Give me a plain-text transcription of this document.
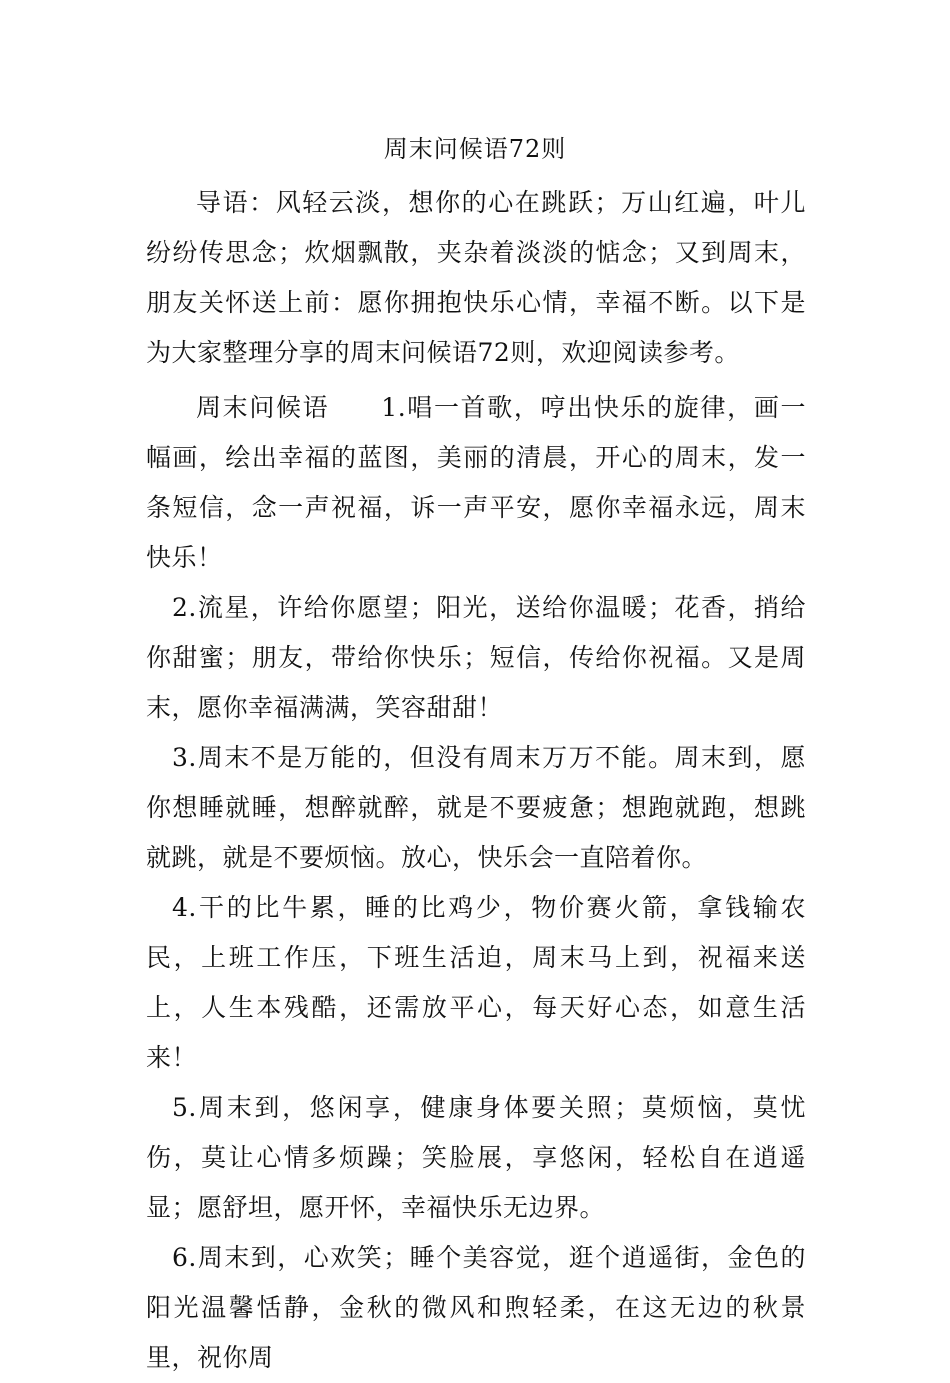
周末问候语72则

导语：风轻云淡，想你的心在跳跃；万山红遍，叶儿纷纷传思念；炊烟飘散，夹杂着淡淡的惦念；又到周末，朋友关怀送上前：愿你拥抱快乐心情，幸福不断。以下是为大家整理分享的周末问候语72则，欢迎阅读参考。

周末问候语 1.唱一首歌，哼出快乐的旋律，画一幅画，绘出幸福的蓝图，美丽的清晨，开心的周末，发一条短信，念一声祝福，诉一声平安，愿你幸福永远，周末快乐！

2.流星，许给你愿望；阳光，送给你温暖；花香，捎给你甜蜜；朋友，带给你快乐；短信，传给你祝福。又是周末，愿你幸福满满，笑容甜甜！

3.周末不是万能的，但没有周末万万不能。周末到，愿你想睡就睡，想醉就醉，就是不要疲惫；想跑就跑，想跳就跳，就是不要烦恼。放心，快乐会一直陪着你。

4.干的比牛累，睡的比鸡少，物价赛火箭，拿钱输农民，上班工作压，下班生活迫，周末马上到，祝福来送上，人生本残酷，还需放平心，每天好心态，如意生活来！

5.周末到，悠闲享，健康身体要关照；莫烦恼，莫忧伤，莫让心情多烦躁；笑脸展，享悠闲，轻松自在逍遥显；愿舒坦，愿开怀，幸福快乐无边界。

6.周末到，心欢笑；睡个美容觉，逛个逍遥街，金色的阳光温馨恬静，金秋的微风和煦轻柔，在这无边的秋景里，祝你周
